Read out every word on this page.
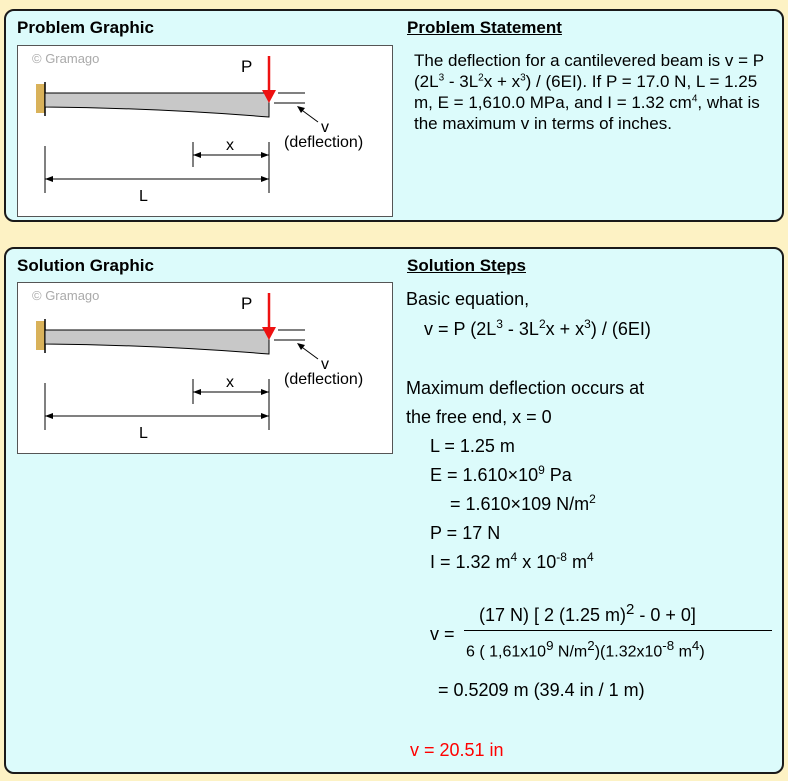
Problem Graphic	Problem Statement
© Gramago	P
v
(deflection)
x
L

The deflection for a cantilevered beam is v = P $(2L^3 - 3L^2x + x^3) / (6EI)$. If P = 17.0 N, L = 1.25 m, E = 1,610.0 MPa, and I = 1.32 $cm^4$, what is the maximum v in terms of inches.

Solution Graphic	Solution Steps
© Gramago	P
v
(deflection)
x
L
Basic equation,
v = P $(2L^3 - 3L^2x + x^3) / (6EI)$
Maximum deflection occurs at
the free end, x = 0
L = 1.25 m
$E = 1.610\times 10^9$ Pa
= 1.610×109 $N/m^2$
P = 17 N
I = 1.32 $m^4$ x $10^{-8}$ $m^4$
v =
(17 N) [ 2 (1.25 m)$^2$ - 0 + 0]
6 ( $1,61x10^9$ $N/m^2)(1.32x10^{-8}$ $m^4$)
= 0.5209 m (39.4 in / 1 m)
v = 20.51 in
